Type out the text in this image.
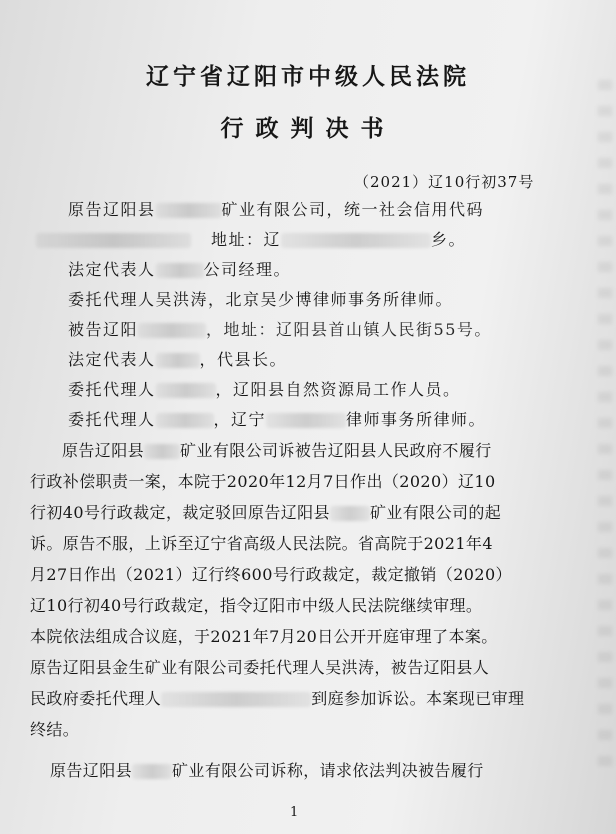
辽宁省辽阳市中级人民法院
行政判决书
（2021）辽10行初37号
原告辽阳县	矿业有限公司，统一社会信用代码
地址：辽	乡。
法定代表人	公司经理。
委托代理人吴洪涛，北京吴少博律师事务所律师。
被告辽阳	，地址：辽阳县首山镇人民街55号。
法定代表人	，代县长。
委托代理人	，辽阳县自然资源局工作人员。
委托代理人	，辽宁	律师事务所律师。
原告辽阳县 矿业有限公司诉被告辽阳县人民政府不履行
行政补偿职责一案，本院于2020年12月7日作出（2020）辽10
行初40号行政裁定，裁定驳回原告辽阳县	矿业有限公司的起
诉。原告不服，上诉至辽宁省高级人民法院。省高院于2021年4
月27日作出（2021）辽行终600号行政裁定，裁定撤销（2020）
辽10行初40号行政裁定，指令辽阳市中级人民法院继续审理。
本院依法组成合议庭，于2021年7月20日公开开庭审理了本案。
原告辽阳县金生矿业有限公司委托代理人吴洪涛，被告辽阳县人
民政府委托代理人	到庭参加诉讼。本案现已审理
终结。
原告辽阳县	矿业有限公司诉称，请求依法判决被告履行
1
